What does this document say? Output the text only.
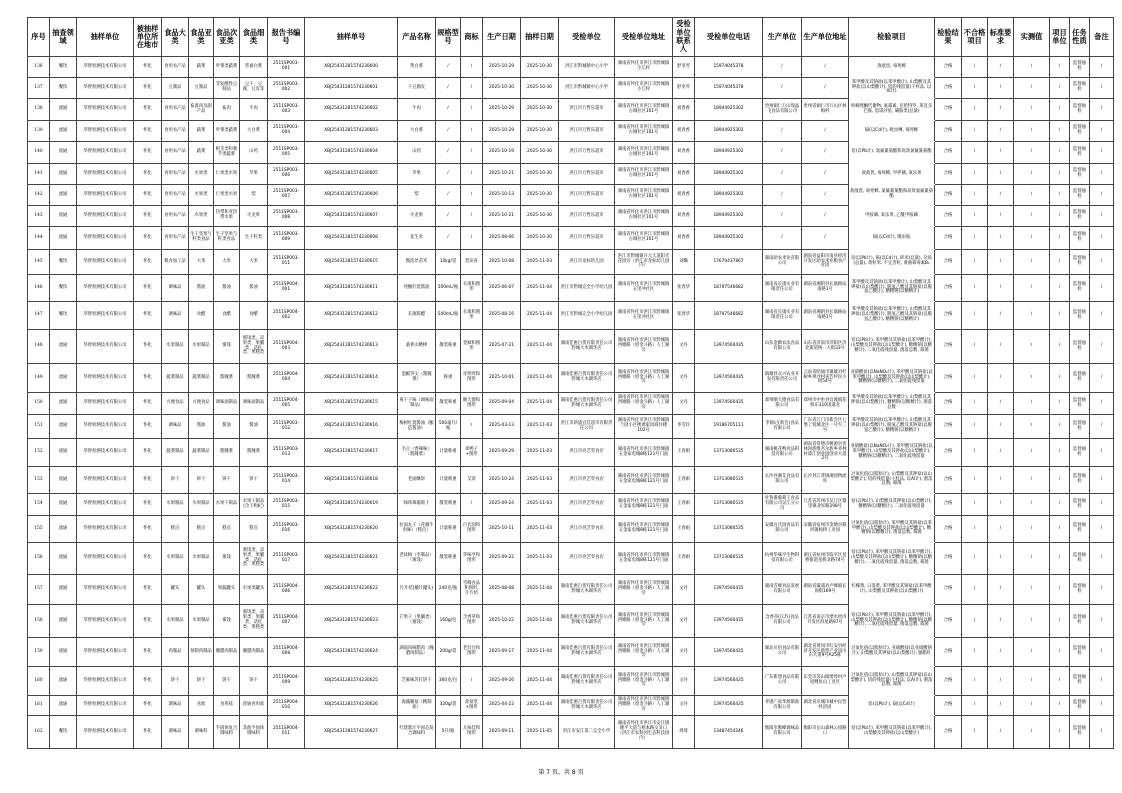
序号	抽查领域	抽样单位	被抽样单位所在地市	食品大类	食品亚类	食品次亚类	食品细类	报告书编号	抽样单号	产品名称	规格型号	商标	生产日期	抽样日期	受检单位	受检单位地址	受检单位联系人	受检单位电话	生产单位	生产单位地址	检验项目	检验结果	不合格项目	标准要求	实测值	项目单位	任务性质	备注
136	餐饮	华智检测技术有限公司	怀化	食用农产品	蔬菜	叶菜类蔬菜	普通白菜	2511SP003-001	XBJ25431281574230600	黄白菜	/	/	2025-10-29	2025-10-30	洪江市黔城镇中心小学	湖南省怀化市洪江市黔城镇小江村	舒亚琴	15974045378	/	/	敌敌畏, 毒死蜱	合格	/	/	/	/	监督抽检	/
137	餐饮	华智检测技术有限公司	怀化	豆制品	豆制品	非发酵性豆制品	豆干、豆腐、豆皮等	2511SP003-002	XBJ25431281574230601	干豆腐皮	/	/	2025-10-30	2025-10-30	洪江市黔城镇中心小学	湖南省怀化市洪江市黔城镇小江村	舒亚琴	15974045378	/	/	苯甲酸及其钠盐(以苯甲酸计), 山梨酸及其钾盐(以山梨酸计), 铝的残留量(干样品, 以Al计)	合格	/	/	/	/	监督抽检	/
138	流通	华智检测技术有限公司	怀化	食用农产品	畜禽肉及副产品	畜肉	牛肉	2511SP003-003	XBJ25431281574230602	牛肉	/	/	2025-10-29	2025-10-30	洪江市万哲乐超市	湖南省怀化市洪江市黔城镇古城社区101号	刘春香	18944925302	贵州铜仁万山瑞晶飞食品有限公司	贵州省铜仁市万山区林梅村	呋喃唑酮代谢物, 氯霉素, 克伦特罗, 莱克多巴胺, 恩诺沙星, 磺胺类(总量)	合格	/	/	/	/	监督抽检	/
139	流通	华智检测技术有限公司	怀化	食用农产品	蔬菜	叶菜类蔬菜	大白菜	2511SP003-004	XBJ25431281574230603	大白菜	/	/	2025-10-29	2025-10-30	洪江市万哲乐超市	湖南省怀化市洪江市黔城镇古城社区101号	刘春香	18944925302	/	/	镉(以Cd计), 吡虫啉, 毒死蜱	合格	/	/	/	/	监督抽检	/
140	流通	华智检测技术有限公司	怀化	食用农产品	蔬菜	根茎类和薯芋类蔬菜	山药	2511SP003-005	XBJ25431281574230604	山药	/	/	2025-10-19	2025-10-30	洪江市万哲乐超市	湖南省怀化市洪江市黔城镇古城社区101号	刘春香	18944925302	/	/	铅(以Pb计), 氯氟氰菊酯和高效氯氟氰菊酯	合格	/	/	/	/	监督抽检	/
141	流通	华智检测技术有限公司	怀化	食用农产品	水果类	仁果类水果	苹果	2511SP003-006	XBJ25431281574230605	苹果	/	/	2025-10-21	2025-10-30	洪江市万哲乐超市	湖南省怀化市洪江市黔城镇古城社区101号	刘春香	18944925302	/	/	敌敌畏, 毒死蜱, 甲拌磷, 氧乐果	合格	/	/	/	/	监督抽检	/
142	流通	华智检测技术有限公司	怀化	食用农产品	水果类	仁果类水果	梨	2511SP003-007	XBJ25431281574230606	梨	/	/	2025-10-13	2025-10-30	洪江市万哲乐超市	湖南省怀化市洪江市黔城镇古城社区101号	刘春香	18944925302	/	/	敌敌畏, 毒死蜱, 氯氟氰菊酯和高效氯氟氰菊酯	合格	/	/	/	/	监督抽检	/
143	流通	华智检测技术有限公司	怀化	食用农产品	水果类	热带和亚热带水果	火龙果	2511SP003-008	XBJ25431281574230607	火龙果	/	/	2025-10-21	2025-10-30	洪江市万哲乐超市	湖南省怀化市洪江市黔城镇古城社区101号	刘春香	18944925302	/	/	甲胺磷, 氧乐果, 乙酰甲胺磷	合格	/	/	/	/	监督抽检	/
144	流通	华智检测技术有限公司	怀化	食用农产品	生干坚果与籽类食品	生干坚果与籽类食品	生干籽类	2511SP003-009	XBJ25431281574230608	花生米	/	/	2025-08-06	2025-10-30	洪江市万哲乐超市	湖南省怀化市洪江市黔城镇古城社区101号	刘春香	18944925302	/	/	镉(以Cd计), 噻虫胺	合格	/	/	/	/	监督抽检	/
145	餐饮	华智检测技术有限公司	怀化	粮食加工品	大米	大米	大米	2511SP003-011	XBJ25431281574230615	甄选丝苗米	10kg/袋	贺田喜	2025-10-08	2025-11-03	洪江市龙标幼儿园	洪江市黔城镇开元大道阳光花园旁（洪江市龙标幼儿园内）	刘璐	17670437867	湖南助农米业有限公司	湖南省益阳市南县经济开发区助农米业粮食产业园	铅(以Pb计), 镉(以Cd计), 碎米(总量), 杂质(总量), 黄粒米, 不完善粒, 黄曲霉毒素B₁	合格	/	/	/	/	监督抽检	/
146	餐饮	华智检测技术有限公司	怀化	调味品	酱油	酱油	酱油	2511SP004-001	XBJ25431281574230611	纯酿红烧酱油	500mL/瓶	长康和图形	2025-06-07	2025-11-04	洪江市黔城完全小学幼儿园	湖南省怀化市洪江市黔城镇五里冲社区	张春华	18797546682	湖南省长康实业有限责任公司	湖南省湘阴县长康路站南路1号	苯甲酸及其钠盐(以苯甲酸计), 山梨酸及其钾盐(以山梨酸计), 脱氢乙酸及其钠盐(以脱氢乙酸计), 糖精钠(以糖精计)	合格	/	/	/	/	监督抽检	/
147	餐饮	华智检测技术有限公司	怀化	调味品	食醋	食醋	食醋	2511SP004-002	XBJ25431281574230612	长康陈醋	500mL/瓶	长康和图形	2025-08-16	2025-11-04	洪江市黔城完全小学幼儿园	湖南省怀化市洪江市黔城镇五里冲社区	张春华	18797546682	湖南省长康实业有限责任公司	湖南省湘阴县长康路站南路1号	苯甲酸及其钠盐(以苯甲酸计), 山梨酸及其钾盐(以山梨酸计), 脱氢乙酸及其钠盐(以脱氢乙酸计), 糖精钠(以糖精计)	合格	/	/	/	/	监督抽检	/
148	流通	华智检测技术有限公司	怀化	水果制品	水果制品	蜜饯	蜜饯类、凉果类、果脯类、话化类、果糕类	2511SP004-003	XBJ25431281574230613	桑葚山楂棒	散装称重	金蹄和图形	2025-07-21	2025-11-04	湖南佳惠百货有限责任公司黔城大木湖华店	湖南省怀化市洪江市黔城镇西塘路（原金斗路）人工湖旁	文丹	13974560435	山东金蹄农法食品有限公司	山东省济南市济阳区济北街道统一大街33号	铅(以Pb计), 苯甲酸及其钠盐(以苯甲酸计), 山梨酸及其钾盐(以山梨酸计), 糖精钠(以糖精计), 二氧化硫残留量, 菌落总数, 霉菌	合格	/	/	/	/	监督抽检	/
149	流通	华智检测技术有限公司	怀化	蔬菜制品	蔬菜制品	酱腌菜	酱腌菜	2511SP004-004	XBJ25431281574230614	泡椒笋尖（酱腌菜）	称重	牙痒痒和图形	2025-10-01	2025-11-04	湖南佳惠百货有限责任公司黔城大木湖华店	湖南省怀化市洪江市黔城镇西塘路（原金斗路）人工湖旁	文丹	13974560435	镇雄县众兴农业开发有限责任公司	云南省昭通市镇雄县杉树乡坝沙村寅告村民小组54号	亚硝酸盐(以NaNO₂计), 苯甲酸及其钠盐(以苯甲酸计), 山梨酸及其钾盐(以山梨酸计), 糖精钠(以糖精计), 二氧化硫残留量	合格	/	/	/	/	监督抽检	/
150	流通	华智检测技术有限公司	怀化	方便食品	方便食品	调味面制品	调味面制品	2511SP004-005	XBJ25431281574230615	爽干子味（调味面制品）	散装称重	顺天德和图形	2025-09-04	2025-11-04	湖南佳惠百货有限责任公司黔城大木湖华店	湖南省怀化市洪江市黔城镇西塘路（原金斗路）人工湖旁	文丹	13974560435	郑州顺天德食品有限公司	郑州市中牟县官渡镇花桥东310国道北	苯甲酸及其钠盐(以苯甲酸计), 山梨酸及其钾盐(以山梨酸计), 糖精钠(以糖精计), 菌落总数	合格	/	/	/	/	监督抽检	/
151	流通	华智检测技术有限公司	怀化	调味品	酱油	酱油	酱油	2511SP003-012	XBJ25431281574230616	梅树红烧酱油（酿造酱油）	500毫升/瓶	/	2025-03-13	2025-11-03	洪江市新盛宜佳超市有限责任公司	湖南省怀化市洪江市黔城镇兰园小区楼诱家园商住楼102号	李雪玲	19186705111	李锦记(新会)食品有限公司	广东省江门市新会区七堡工贸城北区一号至二号	苯甲酸及其钠盐(以苯甲酸计), 山梨酸及其钾盐(以山梨酸计), 脱氢乙酸及其钠盐(以脱氢乙酸计), 糖精钠(以糖精计)	合格	/	/	/	/	监督抽检	/
152	流通	华智检测技术有限公司	怀化	蔬菜制品	蔬菜制品	酱腌菜	酱腌菜	2511SP003-013	XBJ25431281574230617	毛豆（香辣味）（酱腌菜）	计量称重	辜鸭子+图形	2025-09-29	2025-11-03	洪江市亮艺零食店	湖南省怀化市洪江市黔城镇五金家电城8栋121号门面	王春娟	13713080535	湖南桃花鸭食品科技有限公司	湖南省常德市桃源县青林回族维吾尔族乡青林村漆江创业园创业大道2号	亚硝酸盐(以NaNO₂计), 苯甲酸及其钠盐(以苯甲酸计), 山梨酸及其钾盐(以山梨酸计), 糖精钠(以糖精计), 二氧化硫残留量	合格	/	/	/	/	监督抽检	/
153	流通	华智检测技术有限公司	怀化	饼干	饼干	饼干	饼干	2511SP003-014	XBJ25431281574230618	老面酥饼	计量称重	艾哥	2025-10-24	2025-11-03	洪江市亮艺零食店	湖南省怀化市洪江市黔城镇五金家电城8栋121号门面	王春娟	13713080535	长沙县湘艾食品有限公司	长沙县江背镇湘园物流库	过氧化值(以脂肪计), 山梨酸及其钾盐(以山梨酸计), 铝的残留量(干样品, 以Al计), 菌落总数, 霉菌	合格	/	/	/	/	监督抽检	/
154	流通	华智检测技术有限公司	怀化	水果制品	水果制品	水果干制品	水果干制品(含干枸杞)	2511SP003-015	XBJ25431281574230619	绿珍珠葡萄干	散装称重	/	2025-09-24	2025-11-03	洪江市亮艺零食店	湖南省怀化市洪江市黔城镇五金家电城8栋121号门面	王春娟	13713080535	吐鲁番葡萄王食品有限公司吴江分公司	江苏省苏州市吴江区黎里镇北厍路298号	铅(以Pb计), 山梨酸及其钾盐(以山梨酸计), 糖精钠(以糖精计), 二氧化硫残留量	合格	/	/	/	/	监督抽检	/
155	流通	华智检测技术有限公司	怀化	糕点	糕点	糕点	糕点	2511SP003-016	XBJ25431281574230620	拉面丸子（花椒牛肉味）（糕点）	计量称重	百氏园和图形	2025-10-11	2025-11-03	洪江市亮艺零食店	湖南省怀化市洪江市黔城镇五金家电城8栋121号门面	王春娟	13713080535	安徽百氏园食品有限公司	安徽省宿州市金塘县蔡河镇杨桥工业园	过氧化值(以脂肪计), 苯甲酸及其钠盐(以苯甲酸计), 山梨酸及其钾盐(以山梨酸计), 糖精钠(以糖精计), 菌落总数, 霉菌	合格	/	/	/	/	监督抽检	/
156	流通	华智检测技术有限公司	怀化	水果制品	水果制品	蜜饯	蜜饯类、凉果类、果脯类、话化类、果糕类	2511SP003-017	XBJ25431281574230621	老盐梅（李制品）（蜜饯）	散装称重	华味亨和图形	2025-09-22	2025-11-03	洪江市亮艺零食店	湖南省怀化市洪江市黔城镇五金家电城8栋121号门面	王春娟	13713080535	杭州华味亨生物科技有限公司	浙江省杭州市临平区星桥街道星桥北路74号	铅(以Pb计), 苯甲酸及其钠盐(以苯甲酸计), 山梨酸及其钾盐(以山梨酸计), 糖精钠(以糖精计), 二氧化硫残留量, 菌落总数, 霉菌	合格	/	/	/	/	监督抽检	/
157	流通	华智检测技术有限公司	怀化	罐头	罐头	果蔬罐头	水果类罐头	2511SP004-006	XBJ25431281574230622	片片桔(橘片罐头)	240克/瓶	雪峰食品和图形, 片片桔	2025-08-08	2025-11-04	湖南佳惠百货有限责任公司黔城大木湖华店	湖南省怀化市洪江市黔城镇西塘路（原金斗路）人工湖旁	文丹	13974560435	湖南雪峰食品发展有限公司	湖南省溆浦县卢峰镇长岗街169号	柠檬黄, 日落黄, 苯甲酸及其钠盐(以苯甲酸计), 山梨酸及其钾盐(以山梨酸计)	合格	/	/	/	/	监督抽检	/
158	流通	华智检测技术有限公司	怀化	水果制品	水果制品	蜜饯	蜜饯类、凉果类、果脯类、话化类、果糕类	2511SP004-007	XBJ25431281574230623	芒果干（果脯类）（蜜饯）	160g/包	含香草和图形	2025-10-22	2025-11-04	湖南佳惠百货有限责任公司黔城大木湖华店	湖南省怀化市洪江市黔城镇西塘路（原金斗路）人工湖旁	文丹	13974560435	含香草(江苏)食品有限公司	江苏省南京市溧水经济开发区滨星路97号	铅(以Pb计), 苯甲酸及其钠盐(以苯甲酸计), 山梨酸及其钾盐(以山梨酸计), 糖精钠(以糖精计), 二氧化硫残留量, 菌落总数, 霉菌	合格	/	/	/	/	监督抽检	/
159	流通	华智检测技术有限公司	怀化	肉制品	预制肉制品	腌腊肉制品	腌腊肉制品	2511SP004-008	XBJ25431281574230624	湖南风味腊肉（腌腊肉制品）	200g/袋	老灶仓和图形	2025-09-17	2025-11-04	湖南佳惠百货有限责任公司黔城大木湖华店	湖南省怀化市洪江市黔城镇西塘路（原金斗路）人工湖旁	文丹	13974560435	湖北川佰食品有限公司	湖北省黄冈市红安县经济开发区新型产业园川东大道9号A25栋	过氧化值(以脂肪计), 亚硝酸盐(以亚硝酸钠计), 山梨酸及其钾盐(以山梨酸计), 胭脂红	合格	/	/	/	/	监督抽检	/
160	流通	华智检测技术有限公司	怀化	饼干	饼干	饼干	饼干	2511SP004-009	XBJ25431281574230625	芝麻味苏打饼干	360克/包	/	2025-09-26	2025-11-04	湖南佳惠百货有限责任公司黔城大木湖华店	湖南省怀化市洪江市黔城镇西塘路（原金斗路）人工湖旁	文丹	13974560435	广东新想食品有限公司	东莞市茶山镇增埗村卢屋鲤鱼山工业区	过氧化值(以脂肪计), 山梨酸及其钾盐(以山梨酸计), 铝的残留量(干样品, 以Al计), 菌落总数, 霉菌	合格	/	/	/	/	监督抽检	/
161	流通	华智检测技术有限公司	怀化	调味品	食盐	食用盐	普通食用盐	2511SP004-010	XBJ25431281574230626	海藻腌盐（精制盐）	320g/袋	盐盐堂+图形	2025-04-22	2025-11-04	湖南佳惠百货有限责任公司黔城大木湖华店	湖南省怀化市洪江市黔城镇西塘路（原金斗路）人工湖旁	文丹	13974560435	孝感广盐华源制盐有限公司	湖北省应城市城中民营经济园	铅(以Pb计), 镉(以Cd计)	合格	/	/	/	/	监督抽检	/
162	餐饮	华智检测技术有限公司	怀化	调味品	调味料	半固体复合调味料	其他半固体调味料	2511SP004-011	XBJ25431281574230627	红烧酱汁半固态复合调味料	5升/瓶	九味佳和图形	2025-09-11	2025-11-05	洪江市安江第二完全小学	湖南省怀化市洪江市安江镇隆平大道与梧本路交叉口（洪江市农科园生态科技园内）	周琦	13487454246	衡阳市衡峰调味品有限公司	衡阳市岳山森林公园路口	铅(以Pb计), 苯甲酸及其钠盐(以苯甲酸计), 山梨酸及其钾盐(以山梨酸计)	合格	/	/	/	/	监督抽检	/
第 7 页，共 8 页
